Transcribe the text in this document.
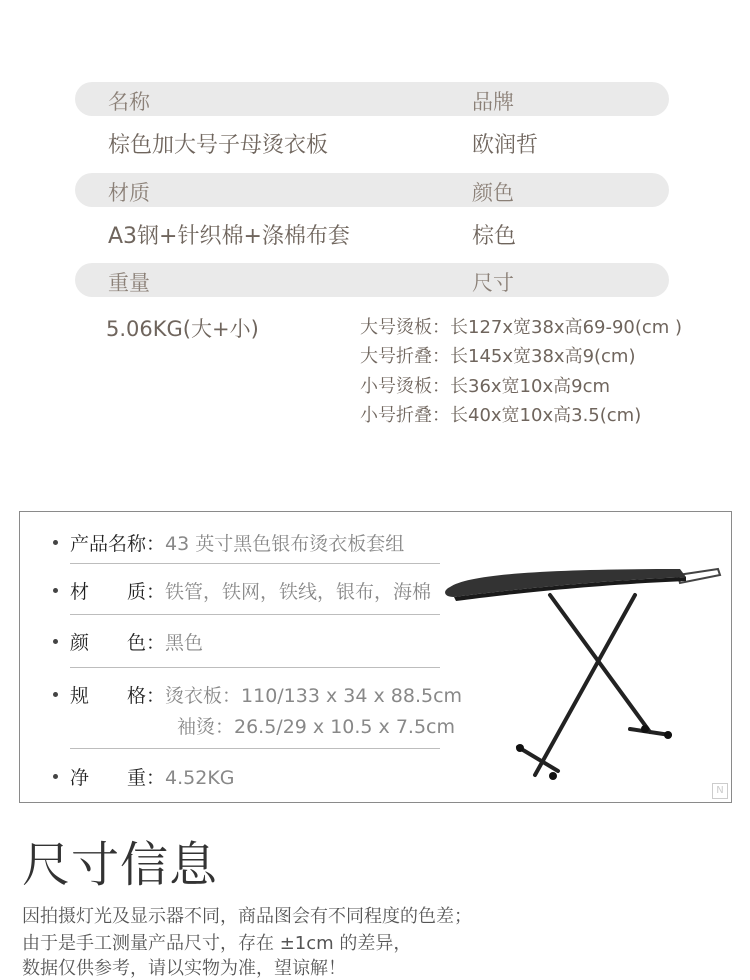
名称	品牌
棕色加大号子母烫衣板	欧润哲
材质	颜色
A3钢+针织棉+涤棉布套	棕色
重量	尺寸
5.06KG(大+小)	大号烫板：长127x宽38x高69-90(cm )
大号折叠：长145x宽38x高9(cm)
小号烫板：长36x宽10x高9cm
小号折叠：长40x宽10x高3.5(cm)
产品名称：43 英寸黑色银布烫衣板套组
材　　质：铁管，铁网，铁线，银布，海棉
颜　　色：黑色
规　　格：烫衣板：110/133 x 34 x 88.5cm
袖烫：26.5/29 x 10.5 x 7.5cm
净　　重：4.52KG
N
尺寸信息
因拍摄灯光及显示器不同，商品图会有不同程度的色差；
由于是手工测量产品尺寸，存在 ±1cm 的差异，
数据仅供参考，请以实物为准，望谅解！
